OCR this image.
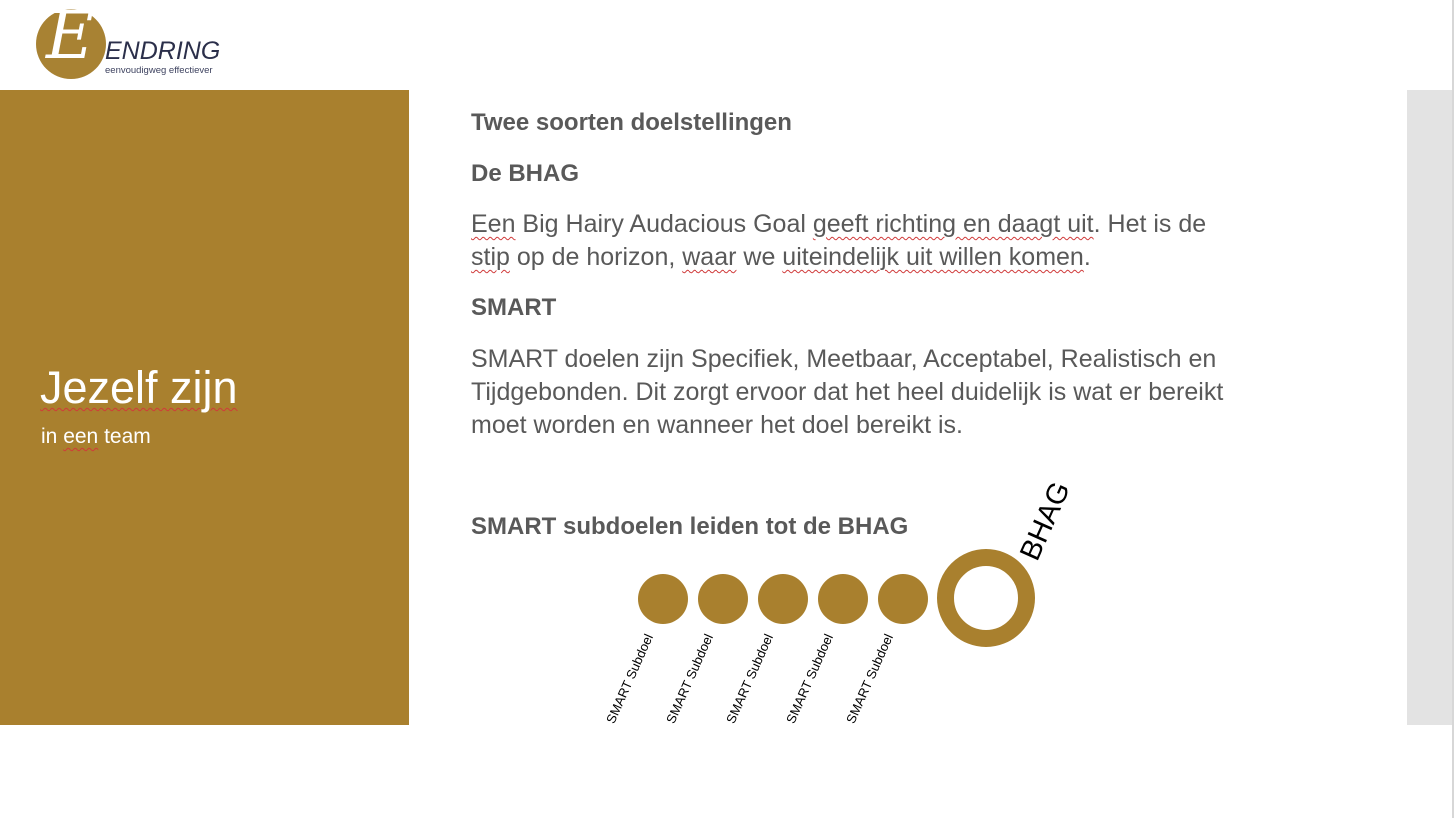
E ENDRING
eenvoudigweg effectiever
Jezelf zijn
in een team
Twee soorten doelstellingen
De BHAG
Een Big Hairy Audacious Goal geeft richting en daagt uit. Het is de
stip op de horizon, waar we uiteindelijk uit willen komen.
SMART
SMART doelen zijn Specifiek, Meetbaar, Acceptabel, Realistisch en
Tijdgebonden. Dit zorgt ervoor dat het heel duidelijk is wat er bereikt
moet worden en wanneer het doel bereikt is.
SMART subdoelen leiden tot de BHAG
SMART Subdoel SMART Subdoel SMART Subdoel SMART Subdoel SMART Subdoel
BHAG
